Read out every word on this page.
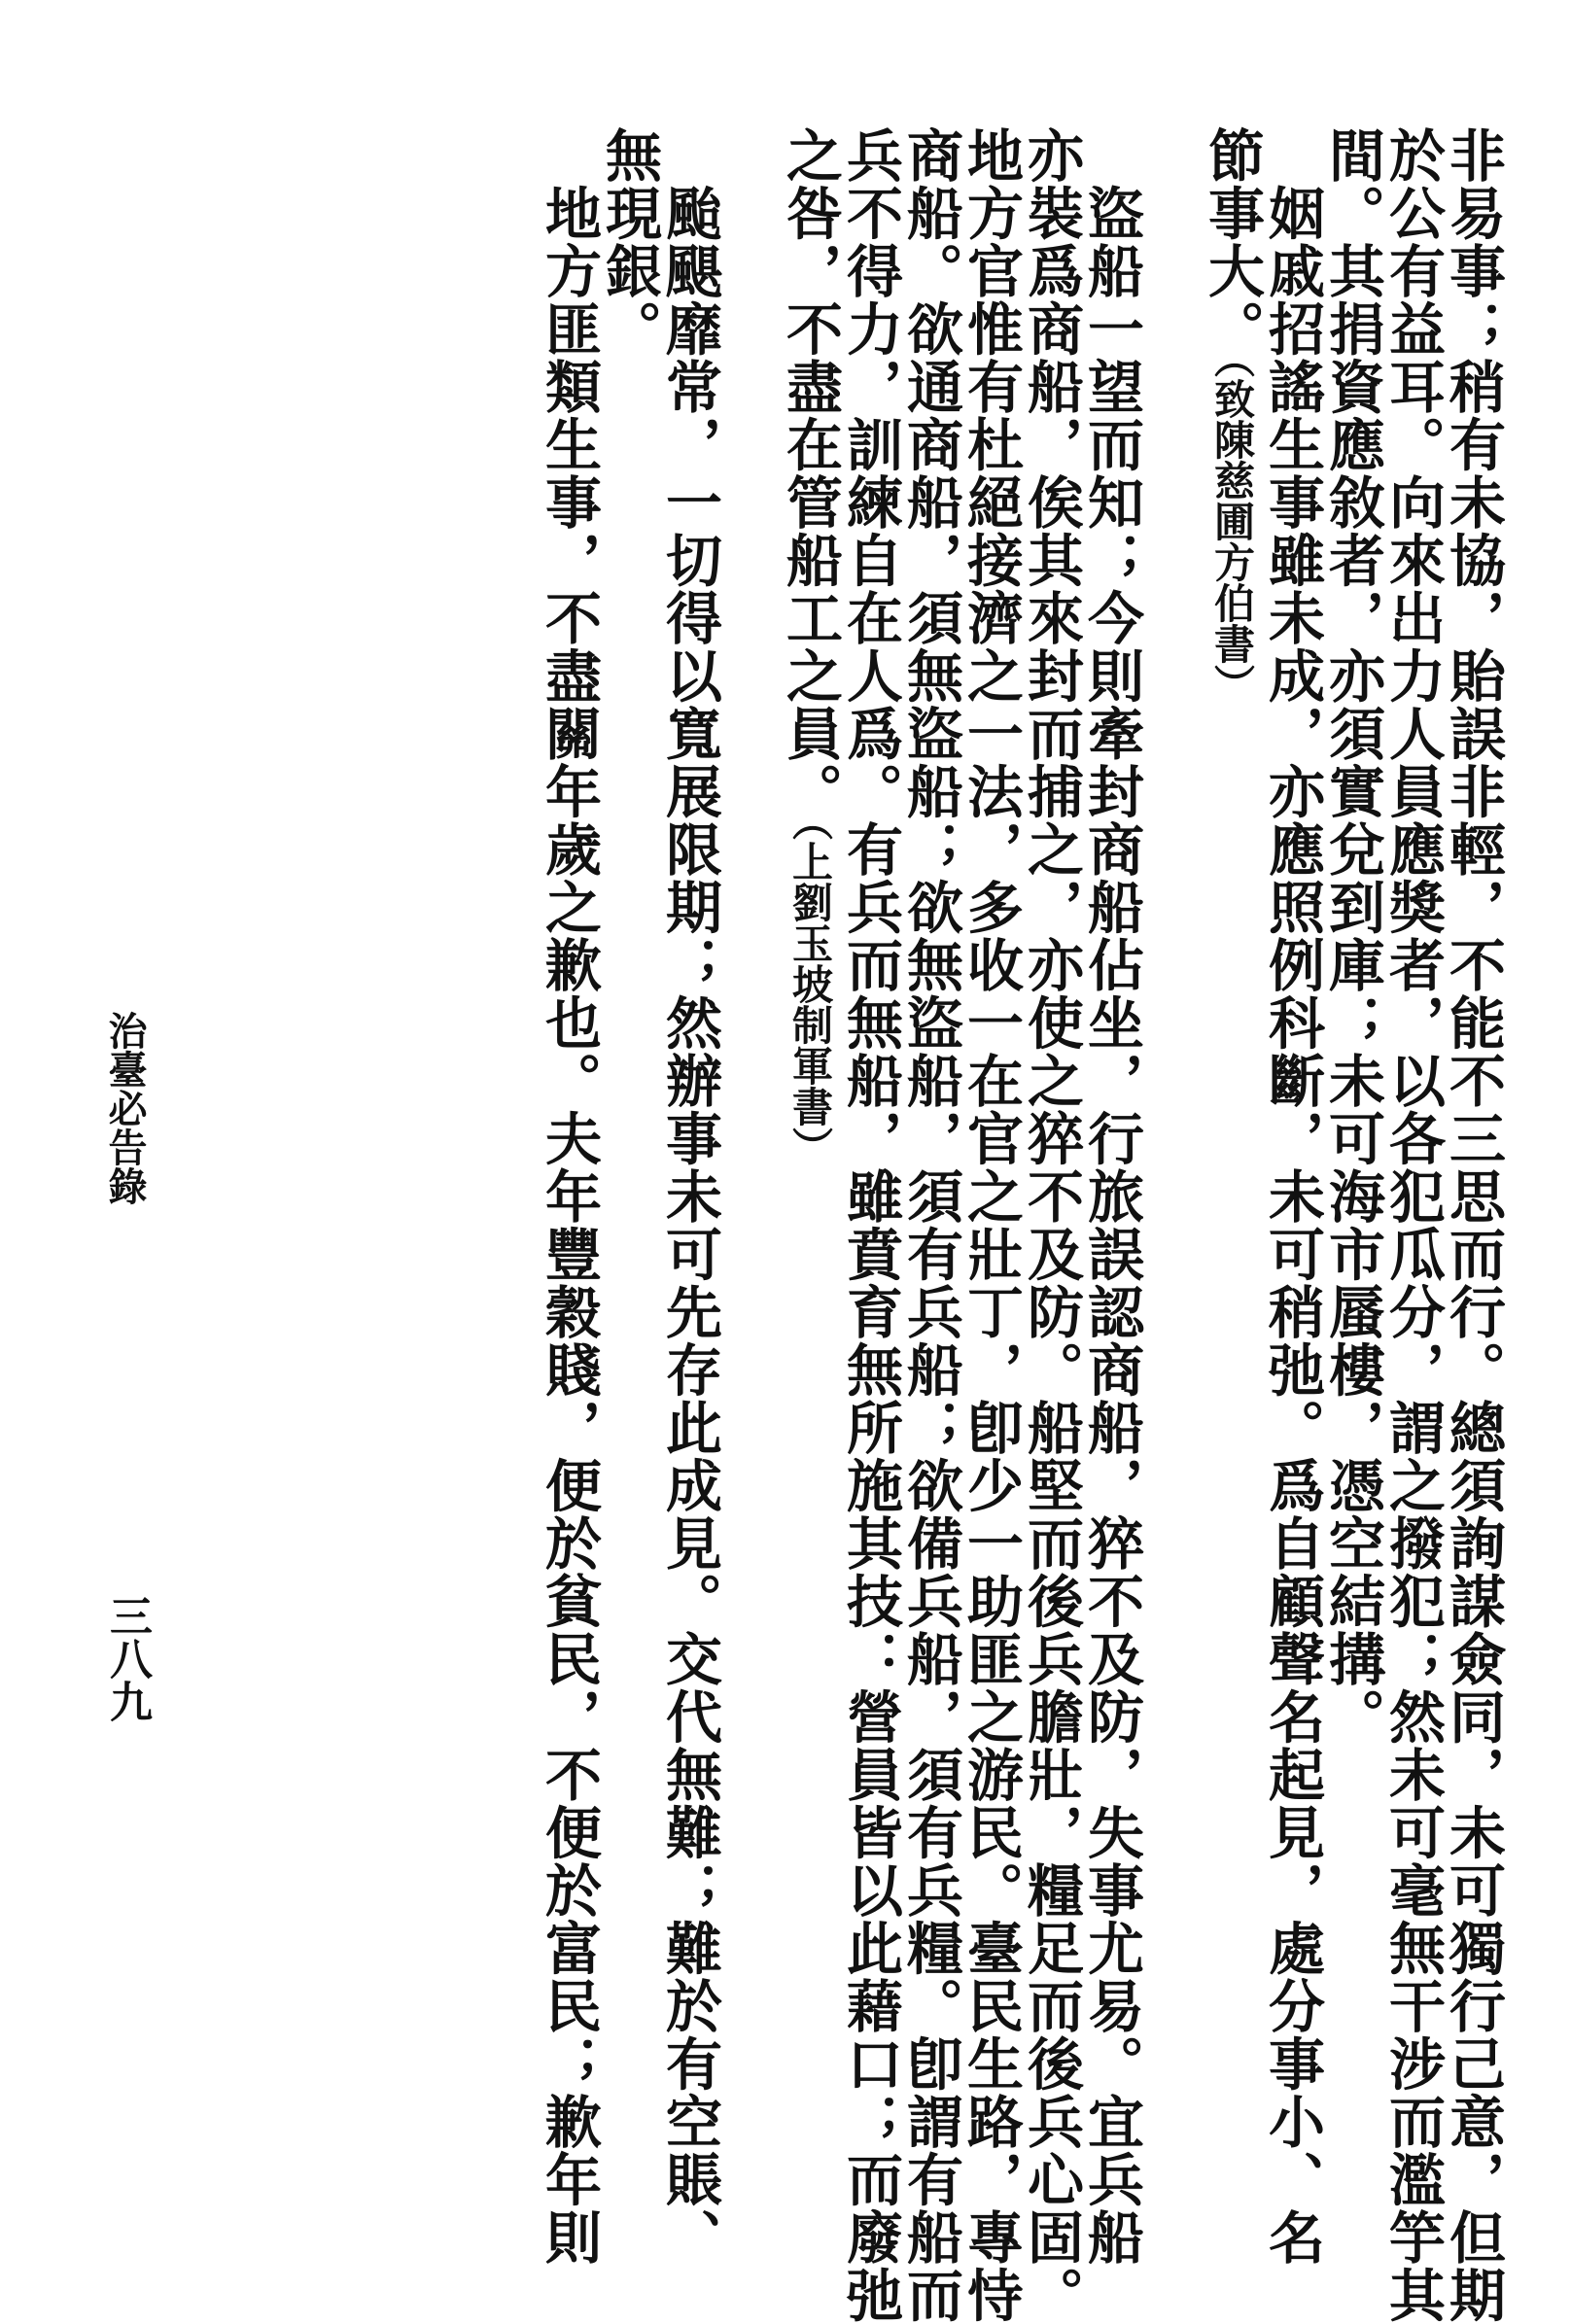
非易事；稍有未協，貽誤非輕，不能不三思而行。總須詢謀僉同，未可獨行己意，但期
於公有益耳。向來出力人員應獎者，以各犯瓜分，謂之撥犯；然未可毫無干涉而濫竽其
間。其捐資應敘者，亦須實兌到庫；未可海市蜃樓，憑空結搆。
　姻戚招謠生事雖未成，亦應照例科斷，未可稍弛。爲自顧聲名起見，處分事小、名
節事大。（致陳慈圃方伯書）
　盜船一望而知；今則牽封商船佔坐，行旅誤認商船，猝不及防，失事尤易。宜兵船
亦裝爲商船，俟其來封而捕之，亦使之猝不及防。船堅而後兵膽壯，糧足而後兵心固。
地方官惟有杜絕接濟之一法，多收一在官之壯丁，卽少一助匪之游民。臺民生路，專恃
商船。欲通商船，須無盜船；欲無盜船，須有兵船；欲備兵船，須有兵糧。卽謂有船而
兵不得力，訓練自在人爲。有兵而無船，雖賁育無所施其技：營員皆以此藉口；而廢弛
之咎，不盡在管船工之員。（上劉玉坡制軍書）
　颱颶靡常，一切得以寬展限期；然辦事未可先存此成見。交代無難；難於有空賬、
無現銀。
　地方匪類生事，不盡關年歲之歉也。夫年豐穀賤，便於貧民，不便於富民；歉年則
治臺必告錄
三八九
